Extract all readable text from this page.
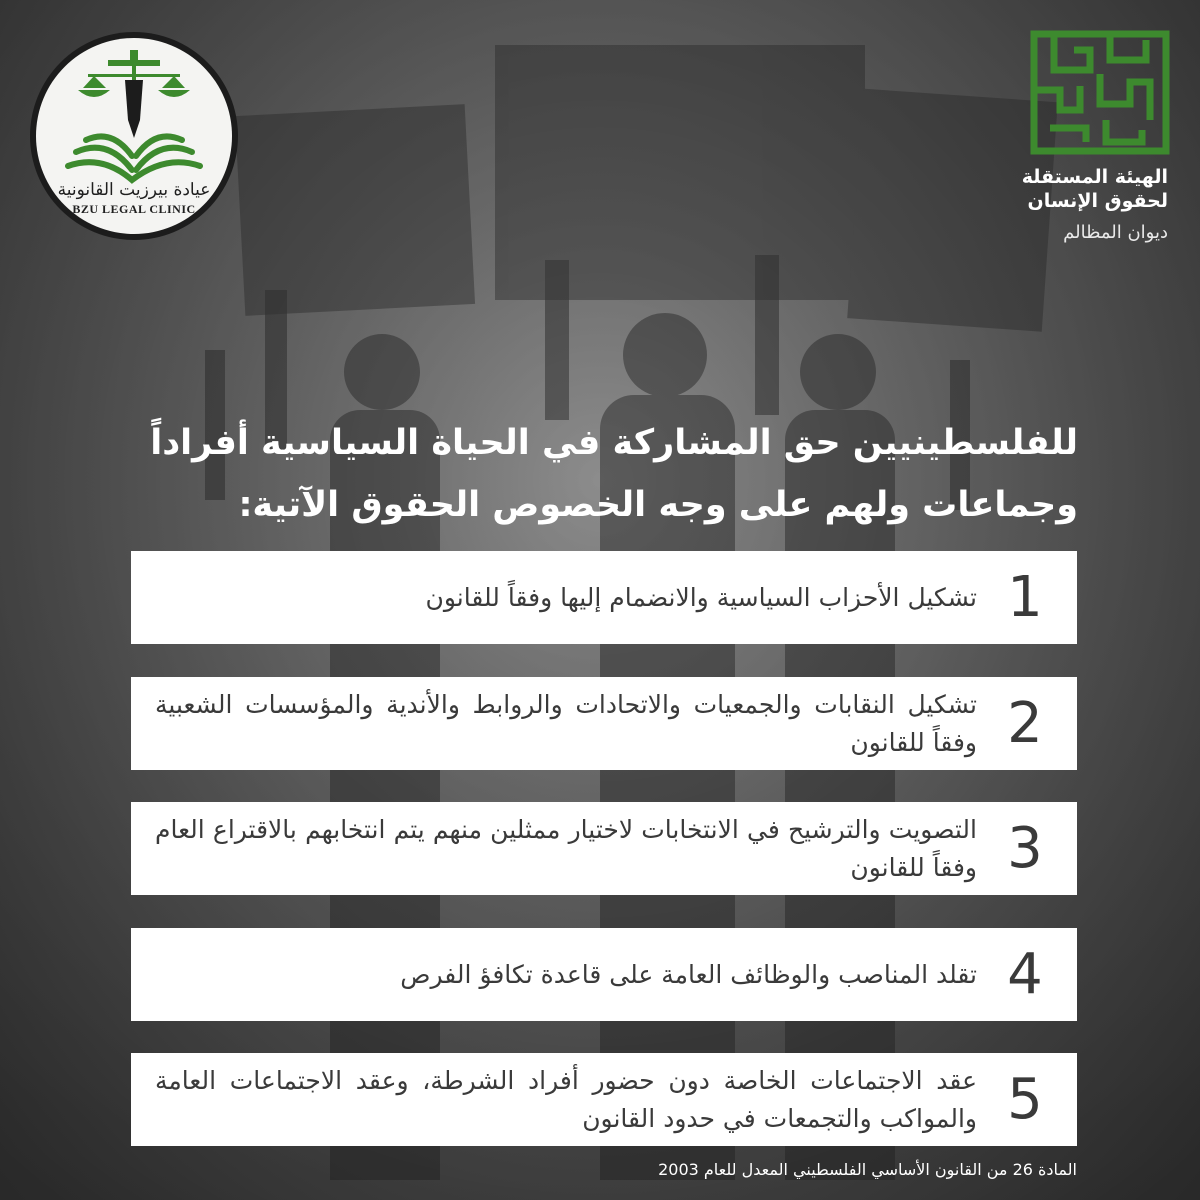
عيادة بيرزيت القانونية
BZU LEGAL CLINIC
الهيئة المستقلة
لحقوق الإنسان
ديوان المظالم
للفلسطينيين حق المشاركة في الحياة السياسية أفراداً وجماعات ولهم على وجه الخصوص الحقوق الآتية:
1
تشكيل الأحزاب السياسية والانضمام إليها وفقاً للقانون
2
تشكيل النقابات والجمعيات والاتحادات والروابط والأندية والمؤسسات الشعبية وفقاً للقانون
3
التصويت والترشيح في الانتخابات لاختيار ممثلين منهم يتم انتخابهم بالاقتراع العام وفقاً للقانون
4
تقلد المناصب والوظائف العامة على قاعدة تكافؤ الفرص
5
عقد الاجتماعات الخاصة دون حضور أفراد الشرطة، وعقد الاجتماعات العامة والمواكب والتجمعات في حدود القانون
المادة 26 من القانون الأساسي الفلسطيني المعدل للعام 2003
